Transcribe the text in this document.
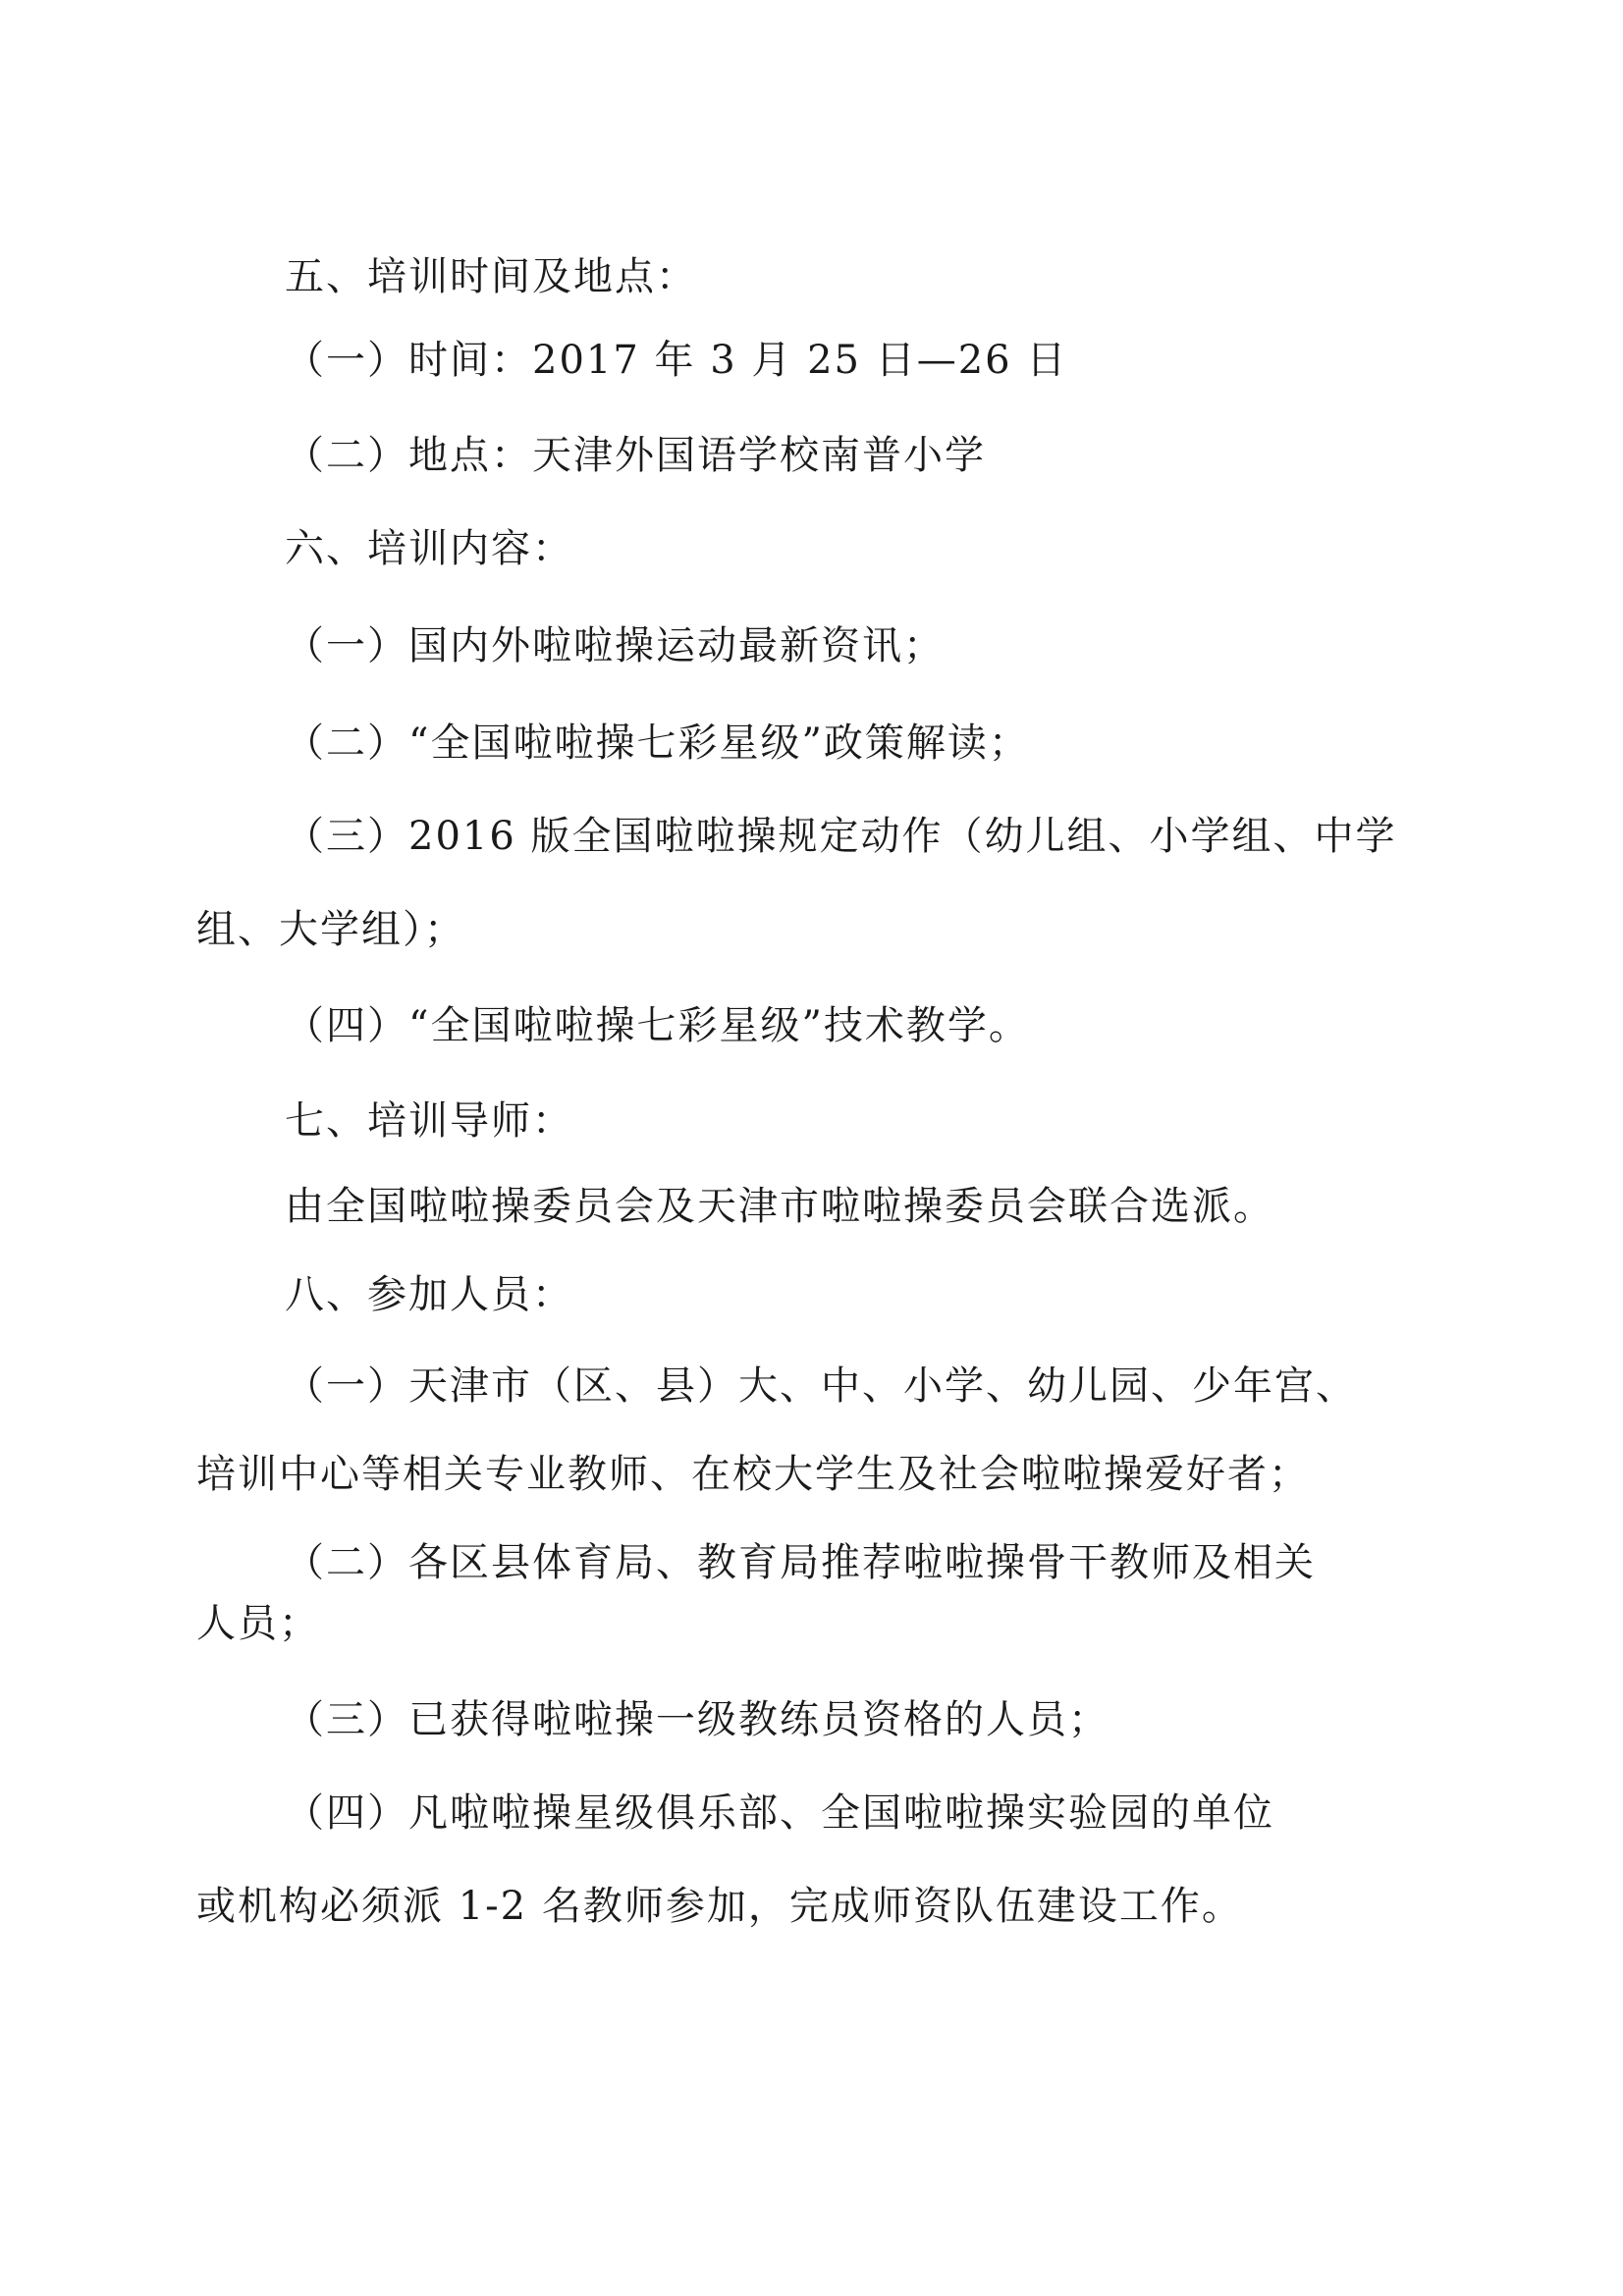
五、培训时间及地点：
（一）时间：2017 年 3 月 25 日—26 日
（二）地点：天津外国语学校南普小学
六、培训内容：
（一）国内外啦啦操运动最新资讯；
（二）“全国啦啦操七彩星级”政策解读；
（三）2016 版全国啦啦操规定动作（幼儿组、小学组、中学
组、大学组）；
（四）“全国啦啦操七彩星级”技术教学。
七、培训导师：
由全国啦啦操委员会及天津市啦啦操委员会联合选派。
八、参加人员：
（一）天津市（区、县）大、中、小学、幼儿园、少年宫、
培训中心等相关专业教师、在校大学生及社会啦啦操爱好者；
（二）各区县体育局、教育局推荐啦啦操骨干教师及相关
人员；
（三）已获得啦啦操一级教练员资格的人员；
（四）凡啦啦操星级俱乐部、全国啦啦操实验园的单位
或机构必须派 1-2 名教师参加，完成师资队伍建设工作。
